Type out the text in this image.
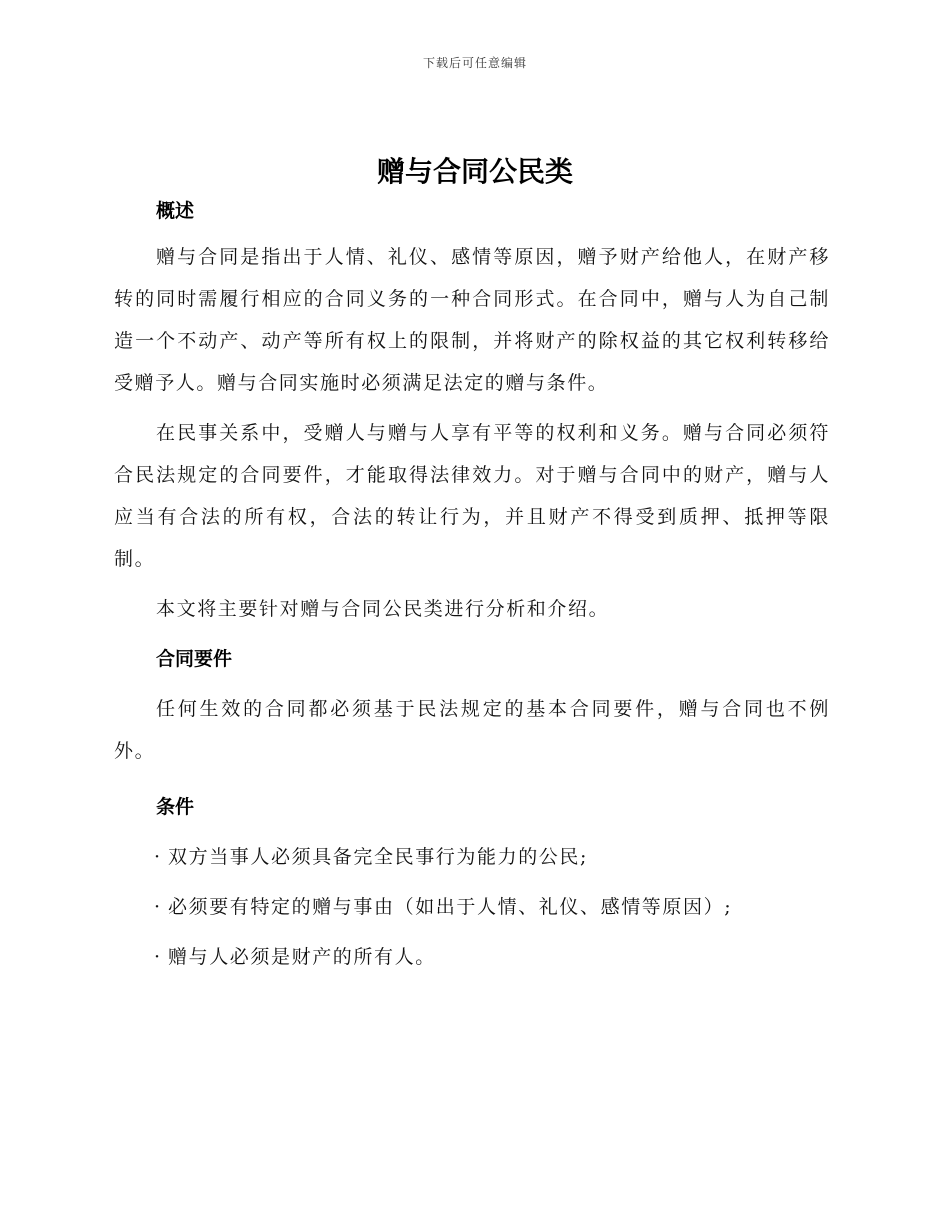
下载后可任意编辑
赠与合同公民类
概述

赠与合同是指出于人情、礼仪、感情等原因，赠予财产给他人，在财产移转的同时需履行相应的合同义务的一种合同形式。在合同中，赠与人为自己制造一个不动产、动产等所有权上的限制，并将财产的除权益的其它权利转移给受赠予人。赠与合同实施时必须满足法定的赠与条件。

在民事关系中，受赠人与赠与人享有平等的权利和义务。赠与合同必须符合民法规定的合同要件，才能取得法律效力。对于赠与合同中的财产，赠与人应当有合法的所有权，合法的转让行为，并且财产不得受到质押、抵押等限制。

本文将主要针对赠与合同公民类进行分析和介绍。

合同要件

任何生效的合同都必须基于民法规定的基本合同要件，赠与合同也不例外。

条件

· 双方当事人必须具备完全民事行为能力的公民;

· 必须要有特定的赠与事由（如出于人情、礼仪、感情等原因）;

· 赠与人必须是财产的所有人。
